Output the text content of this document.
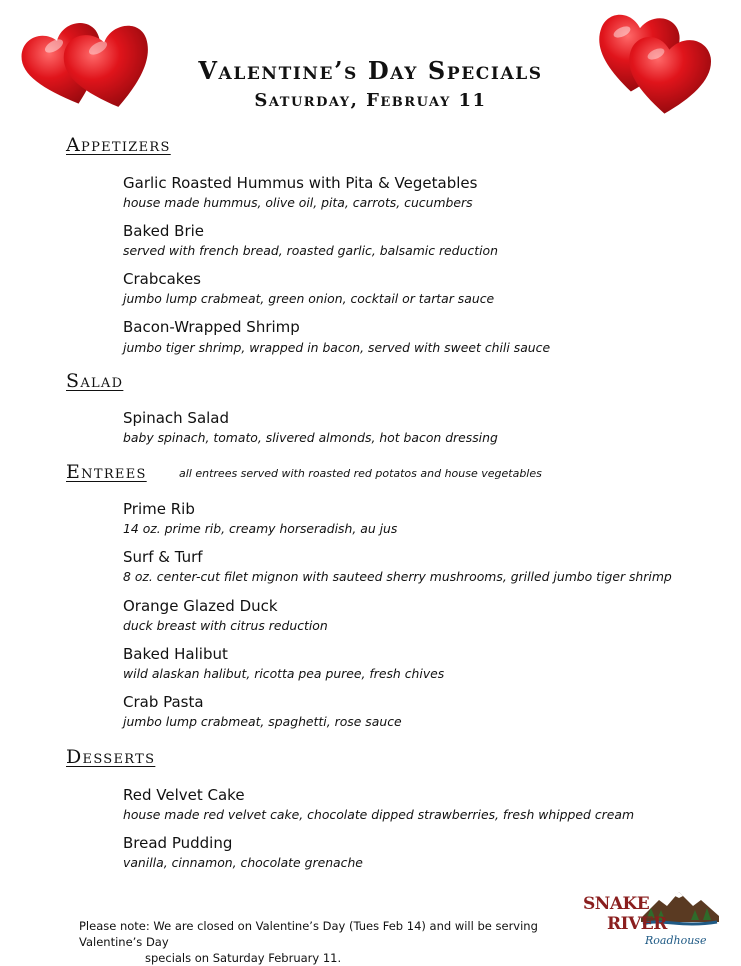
Valentine’s Day Specials
Saturday, Februay 11
Appetizers
Garlic Roasted Hummus with Pita & Vegetables
house made hummus, olive oil, pita, carrots, cucumbers
Baked Brie
served with french bread, roasted garlic, balsamic reduction
Crabcakes
jumbo lump crabmeat, green onion, cocktail or tartar sauce
Bacon-Wrapped Shrimp
jumbo tiger shrimp, wrapped in bacon, served with sweet chili sauce
Salad
Spinach Salad
baby spinach, tomato, slivered almonds, hot bacon dressing
Entrees	all entrees served with roasted red potatos and house vegetables
Prime Rib
14 oz. prime rib, creamy horseradish, au jus
Surf & Turf
8 oz. center-cut filet mignon with sauteed sherry mushrooms, grilled jumbo tiger shrimp
Orange Glazed Duck
duck breast with citrus reduction
Baked Halibut
wild alaskan halibut, ricotta pea puree, fresh chives
Crab Pasta
jumbo lump crabmeat, spaghetti, rose sauce
Desserts
Red Velvet Cake
house made red velvet cake, chocolate dipped strawberries, fresh whipped cream
Bread Pudding
vanilla, cinnamon, chocolate grenache
Please note: We are closed on Valentine’s Day (Tues Feb 14) and will be serving Valentine’s Day
specials on Saturday February 11.
SNAKE
RIVER
Roadhouse
